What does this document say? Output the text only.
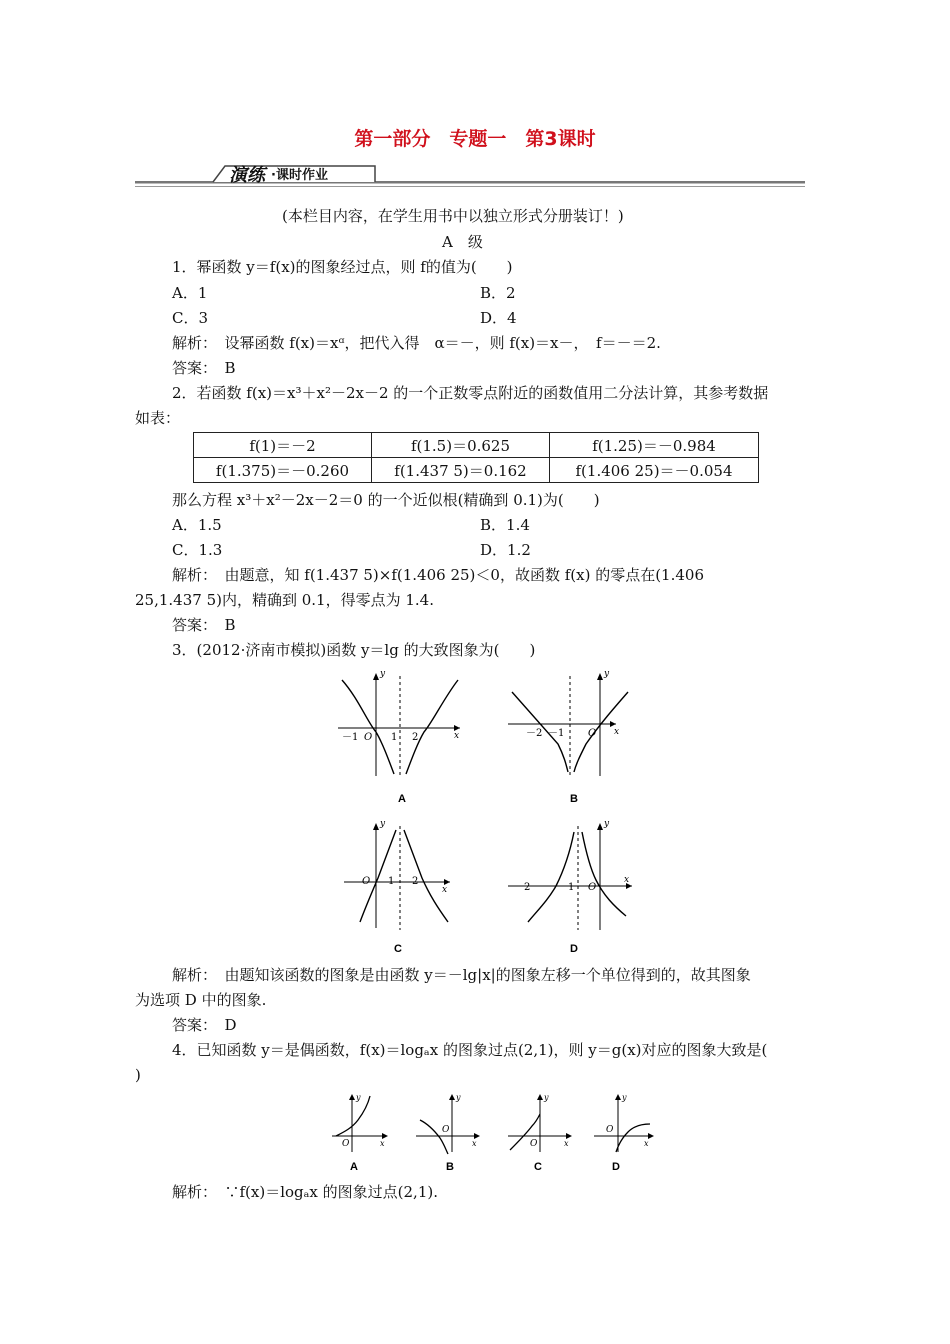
第一部分　专题一　第3课时
演练 ·课时作业
(本栏目内容，在学生用书中以独立形式分册装订！)
A　级
1．幂函数 y＝f(x)的图象经过点，则 f的值为(　　)
A．1	B．2
C．3	D．4
解析：　设幂函数 f(x)＝xᵅ，把代入得　α＝－，则 f(x)＝x－，　f＝－＝2.
答案：　B
2．若函数 f(x)＝x³＋x²－2x－2 的一个正数零点附近的函数值用二分法计算，其参考数据
如表：
f(1)＝－2	f(1.5)＝0.625	f(1.25)＝－0.984
f(1.375)＝－0.260	f(1.437 5)＝0.162	f(1.406 25)＝－0.054
那么方程 x³＋x²－2x－2＝0 的一个近似根(精确到 0.1)为(　　)
A．1.5	B．1.4
C．1.3	D．1.2
解析：　由题意，知 f(1.437 5)×f(1.406 25)＜0，故函数 f(x) 的零点在(1.406
25,1.437 5)内，精确到 0.1，得零点为 1.4.
答案：　B
3．(2012·济南市模拟)函数 y＝lg 的大致图象为(　　)
y
x
－1 O 1 2
A
y
x
－2 －1 O
B
y
x
O 1 2
C
y
x
－2	－1 O
D
解析：　由题知该函数的图象是由函数 y＝－lg|x|的图象左移一个单位得到的，故其图象
为选项 D 中的图象.
答案：　D
4．已知函数 y＝是偶函数，f(x)＝logₐx 的图象过点(2,1)，则 y＝g(x)对应的图象大致是(
)
y
x
O
A
y
x
O
B
y
x
O
C
y
x
O
D
解析：　∵f(x)＝logₐx 的图象过点(2,1).
